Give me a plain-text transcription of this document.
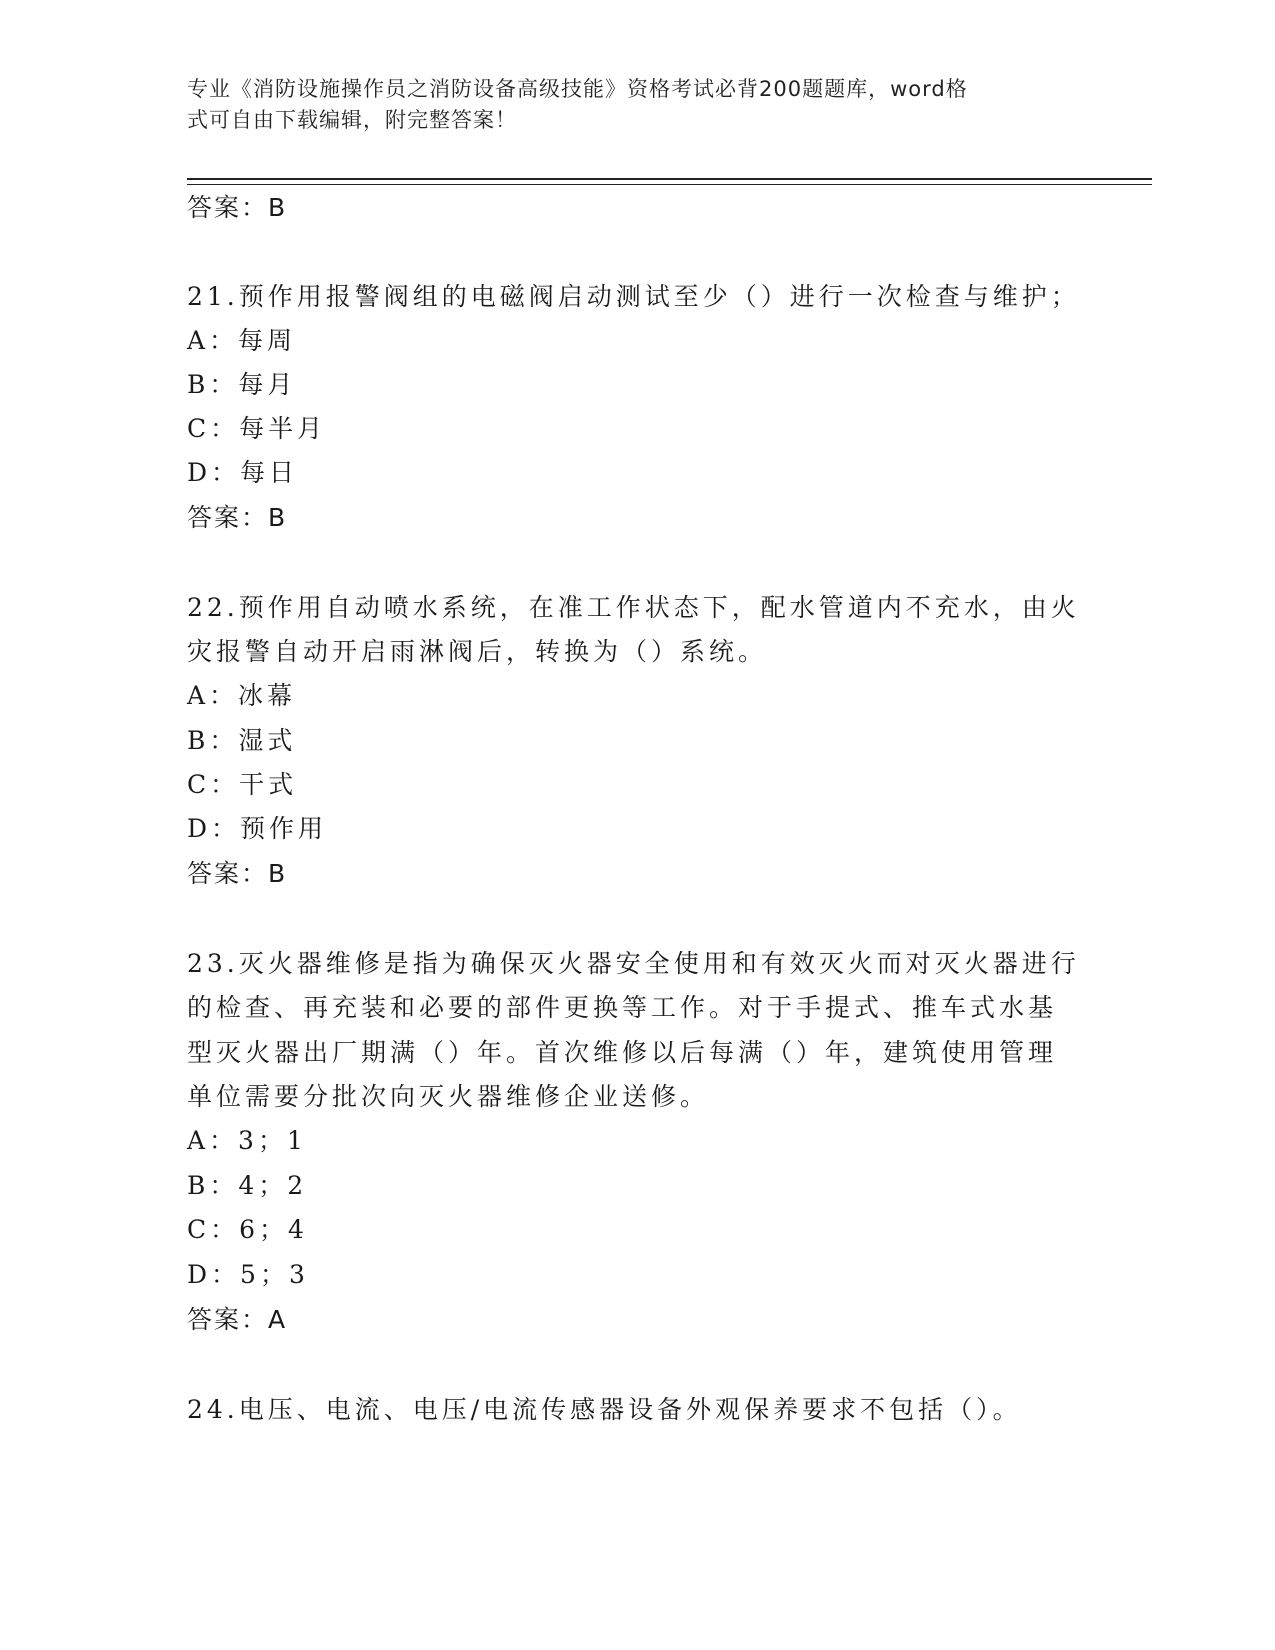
专业《消防设施操作员之消防设备高级技能》资格考试必背200题题库，word格
式可自由下载编辑，附完整答案！
答案：B
21.预作用报警阀组的电磁阀启动测试至少（）进行一次检查与维护；
A：每周
B：每月
C：每半月
D：每日
答案：B
22.预作用自动喷水系统，在准工作状态下，配水管道内不充水，由火
灾报警自动开启雨淋阀后，转换为（）系统。
A：冰幕
B：湿式
C：干式
D：预作用
答案：B
23.灭火器维修是指为确保灭火器安全使用和有效灭火而对灭火器进行
的检查、再充装和必要的部件更换等工作。对于手提式、推车式水基
型灭火器出厂期满（）年。首次维修以后每满（）年，建筑使用管理
单位需要分批次向灭火器维修企业送修。
A：3；1
B：4；2
C：6；4
D：5；3
答案：A
24.电压、电流、电压/电流传感器设备外观保养要求不包括（）。
